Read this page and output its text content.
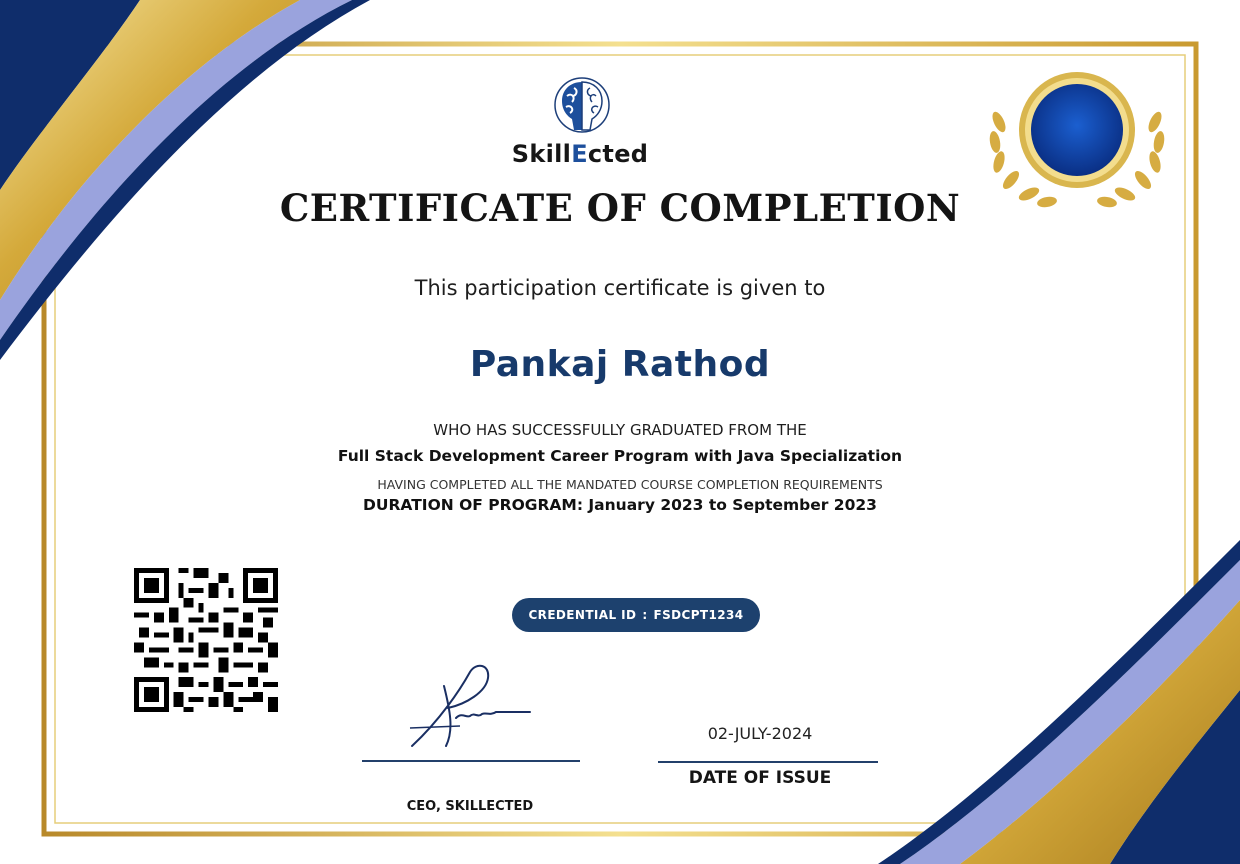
SkillEcted
CERTIFICATE OF COMPLETION
This participation certificate is given to
Pankaj Rathod
WHO HAS SUCCESSFULLY GRADUATED FROM THE
Full Stack Development Career Program with Java Specialization
HAVING COMPLETED ALL THE MANDATED COURSE COMPLETION REQUIREMENTS
DURATION OF PROGRAM: January 2023 to September 2023
CREDENTIAL ID : FSDCPT1234
CEO, SKILLECTED
02-JULY-2024
DATE OF ISSUE
